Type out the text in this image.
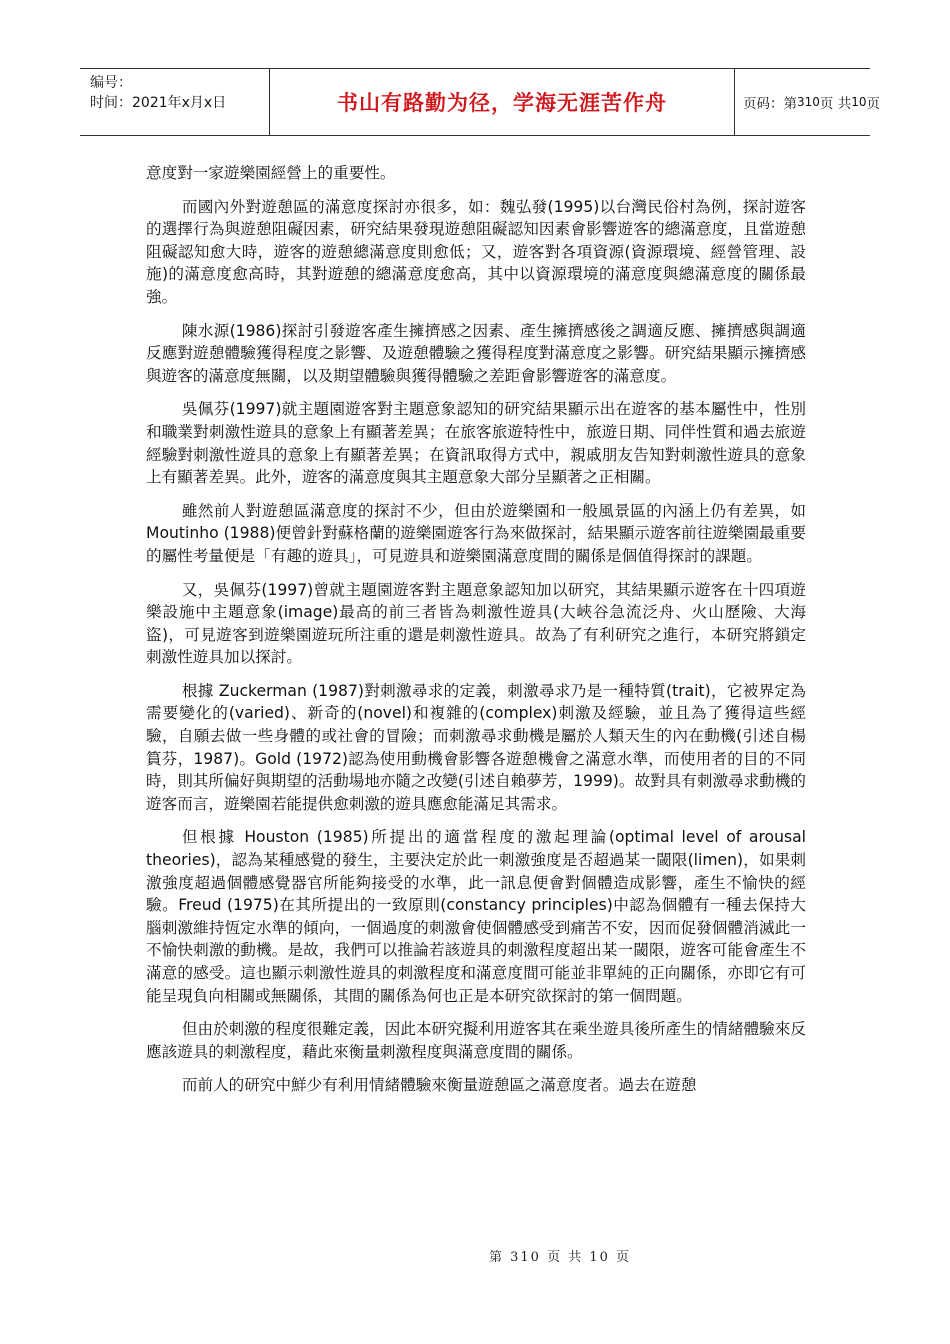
编号：
时间：2021年x月x日	书山有路勤为径，学海无涯苦作舟	页码：第 310 页 共 10 页

意度對一家遊樂園經營上的重要性。

而國內外對遊憩區的滿意度探討亦很多，如：魏弘發(1995)以台灣民俗村為例，探討遊客的選擇行為與遊憩阻礙因素，研究結果發現遊憩阻礙認知因素會影響遊客的總滿意度，且當遊憩阻礙認知愈大時，遊客的遊憩總滿意度則愈低；又，遊客對各項資源(資源環境、經營管理、設施)的滿意度愈高時，其對遊憩的總滿意度愈高，其中以資源環境的滿意度與總滿意度的關係最強。

陳水源(1986)探討引發遊客產生擁擠感之因素、產生擁擠感後之調適反應、擁擠感與調適反應對遊憩體驗獲得程度之影響、及遊憩體驗之獲得程度對滿意度之影響。研究結果顯示擁擠感與遊客的滿意度無關，以及期望體驗與獲得體驗之差距會影響遊客的滿意度。

吳佩芬(1997)就主題園遊客對主題意象認知的研究結果顯示出在遊客的基本屬性中，性別和職業對刺激性遊具的意象上有顯著差異；在旅客旅遊特性中，旅遊日期、同伴性質和過去旅遊經驗對刺激性遊具的意象上有顯著差異；在資訊取得方式中，親戚朋友告知對刺激性遊具的意象上有顯著差異。此外，遊客的滿意度與其主題意象大部分呈顯著之正相關。

雖然前人對遊憩區滿意度的探討不少，但由於遊樂園和一般風景區的內涵上仍有差異，如 Moutinho (1988)便曾針對蘇格蘭的遊樂園遊客行為來做探討，結果顯示遊客前往遊樂園最重要的屬性考量便是「有趣的遊具」，可見遊具和遊樂園滿意度間的關係是個值得探討的課題。

又，吳佩芬(1997)曾就主題園遊客對主題意象認知加以研究，其結果顯示遊客在十四項遊樂設施中主題意象(image)最高的前三者皆為刺激性遊具(大峽谷急流泛舟、火山歷險、大海盜)，可見遊客到遊樂園遊玩所注重的還是刺激性遊具。故為了有利研究之進行，本研究將鎖定刺激性遊具加以探討。

根據 Zuckerman (1987)對刺激尋求的定義，刺激尋求乃是一種特質(trait)，它被界定為需要變化的(varied)、新奇的(novel)和複雜的(complex)刺激及經驗，並且為了獲得這些經驗，自願去做一些身體的或社會的冒險；而刺激尋求動機是屬於人類天生的內在動機(引述自楊篔芬，1987)。Gold (1972)認為使用動機會影響各遊憩機會之滿意水準，而使用者的目的不同時，則其所偏好與期望的活動場地亦隨之改變(引述自賴夢芳，1999)。故對具有刺激尋求動機的遊客而言，遊樂園若能提供愈刺激的遊具應愈能滿足其需求。

但根據 Houston (1985)所提出的適當程度的激起理論(optimal level of arousal theories)，認為某種感覺的發生，主要決定於此一刺激強度是否超過某一閾限(limen)，如果刺激強度超過個體感覺器官所能夠接受的水準，此一訊息便會對個體造成影響，產生不愉快的經驗。Freud (1975)在其所提出的一致原則(constancy principles)中認為個體有一種去保持大腦刺激維持恆定水準的傾向，一個過度的刺激會使個體感受到痛苦不安，因而促發個體消滅此一不愉快刺激的動機。是故，我們可以推論若該遊具的刺激程度超出某一閾限，遊客可能會產生不滿意的感受。這也顯示刺激性遊具的刺激程度和滿意度間可能並非單純的正向關係，亦即它有可能呈現負向相關或無關係，其間的關係為何也正是本研究欲探討的第一個問題。

但由於刺激的程度很難定義，因此本研究擬利用遊客其在乘坐遊具後所產生的情緒體驗來反應該遊具的刺激程度，藉此來衡量刺激程度與滿意度間的關係。

而前人的研究中鮮少有利用情緒體驗來衡量遊憩區之滿意度者。過去在遊憩

第 310 页 共 10 页
